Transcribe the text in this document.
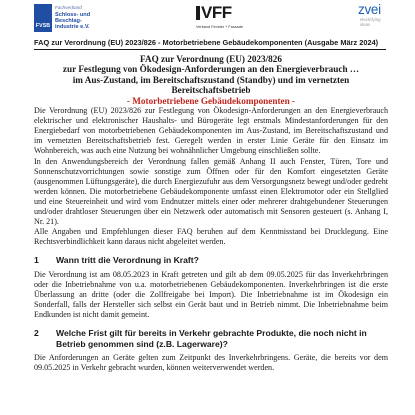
FVSB
Fachverband
Schloss- und
Beschlag-
industrie e.V.
VFF
Verband Fenster + Fassade
zvei
electrifying
ideas
FAQ zur Verordnung (EU) 2023/826 - Motorbetriebene Gebäudekomponenten (Ausgabe März 2024)

FAQ zur Verordnung (EU) 2023/826

zur Festlegung von Ökodesign-Anforderungen an den Energieverbrauch …

im Aus-Zustand, im Bereitschaftszustand (Standby) und im vernetzten

Bereitschaftsbetrieb

- Motorbetriebene Gebäudekomponenten -

Die Verordnung (EU) 2023/826 zur Festlegung von Ökodesign-Anforderungen an den Energieverbrauch elektrischer und elektronischer Haushalts- und Bürogeräte legt erstmals Mindestanforderungen für den Energiebedarf von motorbetriebenen Gebäudekomponenten im Aus-Zustand, im Bereitschaftszustand und im vernetzten Bereitschaftsbetrieb fest. Geregelt werden in erster Linie Geräte für den Einsatz im Wohnbereich, was auch eine Nutzung bei wohnähnlicher Umgebung einschließen sollte.

In den Anwendungsbereich der Verordnung fallen gemäß Anhang II auch Fenster, Türen, Tore und Sonnenschutzvorrichtungen sowie sonstige zum Öffnen oder für den Komfort eingesetzten Geräte (ausgenommen Lüftungsgeräte), die durch Energiezufuhr aus dem Versorgungsnetz bewegt und/oder gedreht werden können. Die motorbetriebene Gebäudekomponente umfasst einen Elektromotor oder ein Stellglied und eine Steuereinheit und wird vom Endnutzer mittels einer oder mehrerer drahtgebundener Steuerungen und/oder drahtloser Steuerungen über ein Netzwerk oder automatisch mit Sensoren gesteuert (s. Anhang I, Nr. 21).

Alle Angaben und Empfehlungen dieser FAQ beruhen auf dem Kenntnisstand bei Drucklegung. Eine Rechtsverbindlichkeit kann daraus nicht abgeleitet werden.

1	Wann tritt die Verordnung in Kraft?

Die Verordnung ist am 08.05.2023 in Kraft getreten und gilt ab dem 09.05.2025 für das Inverkehrbringen oder die Inbetriebnahme von u.a. motorbetriebenen Gebäudekomponenten. Inverkehrbringen ist die erste Überlassung an dritte (oder die Zollfreigabe bei Import). Die Inbetriebnahme ist im Ökodesign ein Sonderfall, falls der Hersteller sich selbst ein Gerät baut und in Betrieb nimmt. Die Inbetriebnahme beim Endkunden ist nicht damit gemeint.

2	Welche Frist gilt für bereits in Verkehr gebrachte Produkte, die noch nicht in Betrieb genommen sind (z.B. Lagerware)?

Die Anforderungen an Geräte gelten zum Zeitpunkt des Inverkehrbringens. Geräte, die bereits vor dem 09.05.2025 in Verkehr gebracht wurden, können weiterverwendet werden.
